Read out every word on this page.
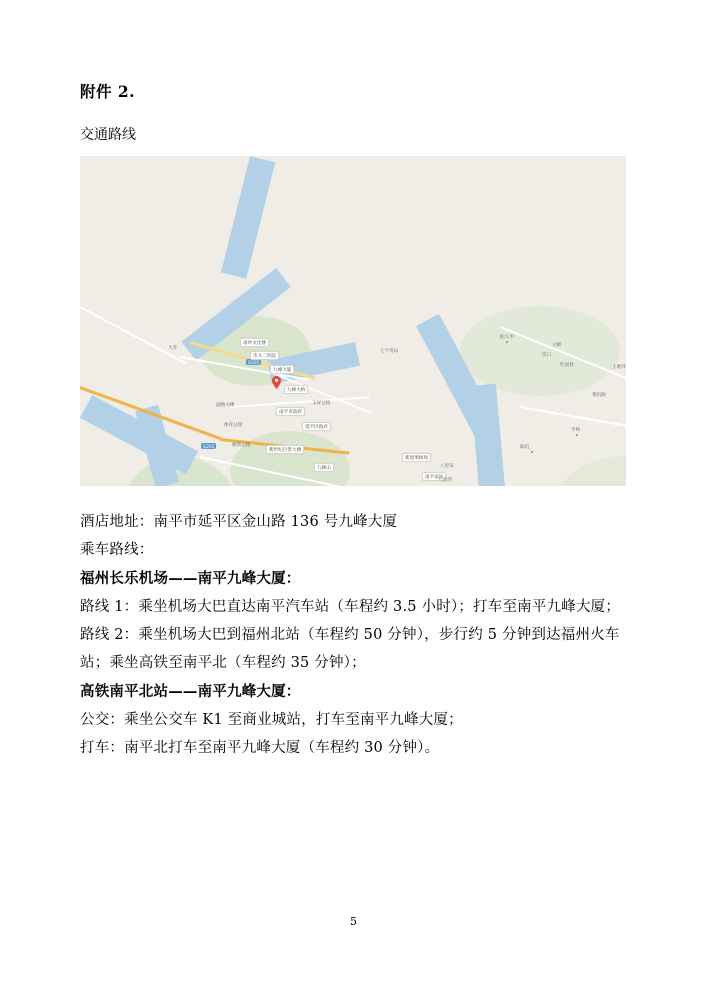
附件 2.
交通路线
G205
G205
南坪文化楼
市九二医院
九峰大厦
九峰大桥
南平市政府
延平区政府
新世纪百货大楼
九峰山
新建果树场
南平南站
大乔
固格大楼
体育公园
杨真公园
玉屏公园
七个弯山
八里安
八里湾
仙人甲
立樟
坑口
红星村	上地洋
黄坑路
半岭
陆坑

酒店地址：南平市延平区金山路 136 号九峰大厦

乘车路线：

福州长乐机场——南平九峰大厦：

路线 1：乘坐机场大巴直达南平汽车站（车程约 3.5 小时）；打车至南平九峰大厦；

路线 2：乘坐机场大巴到福州北站（车程约 50 分钟），步行约 5 分钟到达福州火车站；乘坐高铁至南平北（车程约 35 分钟）；

高铁南平北站——南平九峰大厦：

公交：乘坐公交车 K1 至商业城站，打车至南平九峰大厦；

打车：南平北打车至南平九峰大厦（车程约 30 分钟）。

5
